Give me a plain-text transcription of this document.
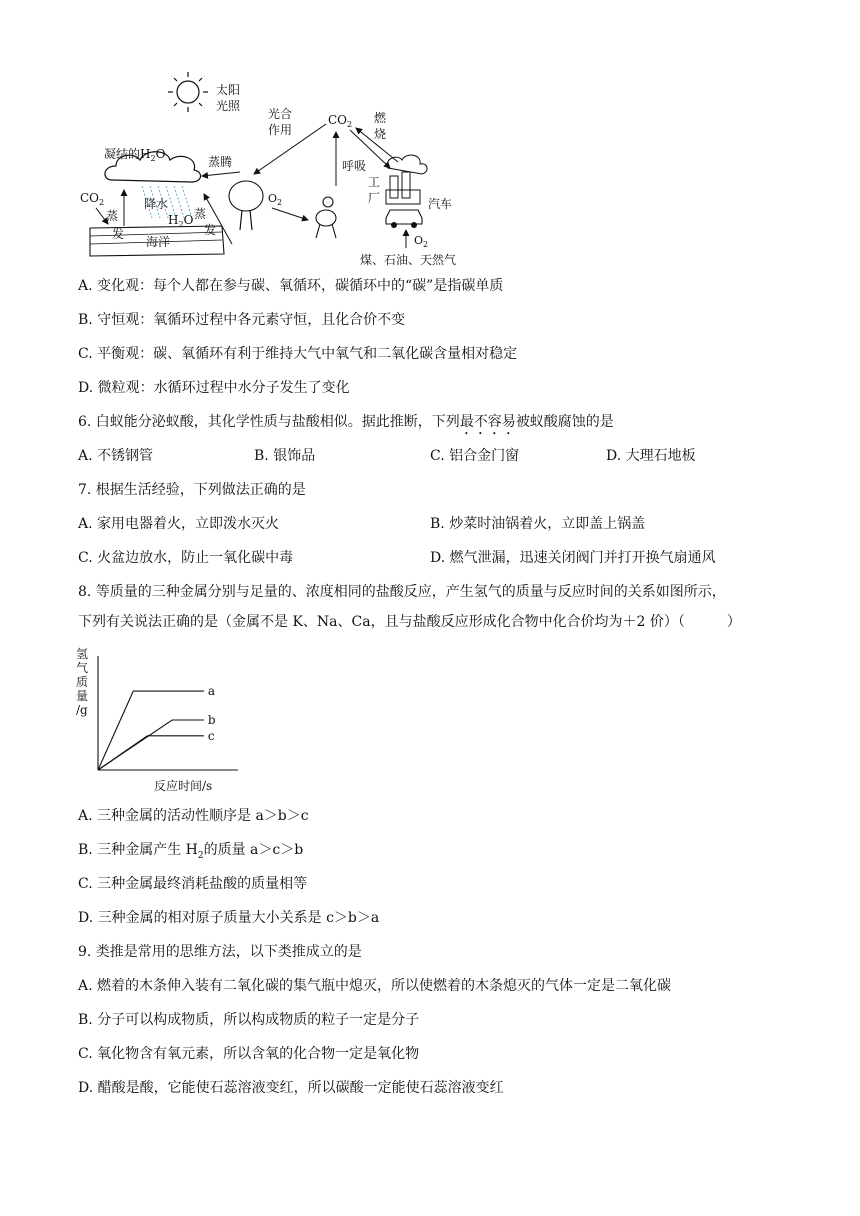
太阳
光照
光合
作用
$CO_2$ 燃
烧
呼吸
凝结的$H_2O$
蒸腾
降水
$H_2O$
$CO_2$
蒸
发
蒸
发
海洋
$O_2$
工
厂	汽车
$O_2$
煤、石油、天然气
A. 变化观：每个人都在参与碳、氧循环，碳循环中的“碳”是指碳单质
B. 守恒观：氧循环过程中各元素守恒，且化合价不变
C. 平衡观：碳、氧循环有利于维持大气中氧气和二氧化碳含量相对稳定
D. 微粒观：水循环过程中水分子发生了变化
6. 白蚁能分泌蚁酸，其化学性质与盐酸相似。据此推断，下列最不容易被蚁酸腐蚀的是
A. 不锈钢管	B. 银饰品	C. 铝合金门窗	D. 大理石地板
7. 根据生活经验，下列做法正确的是
A. 家用电器着火，立即泼水灭火	B. 炒菜时油锅着火，立即盖上锅盖
C. 火盆边放水，防止一氧化碳中毒	D. 燃气泄漏，迅速关闭阀门并打开换气扇通风
8. 等质量的三种金属分别与足量的、浓度相同的盐酸反应，产生氢气的质量与反应时间的关系如图所示，
下列有关说法正确的是（金属不是 K、Na、Ca，且与盐酸反应形成化合物中化合价均为＋2 价）（　　　）
氢
气
质
量
/g
反应时间/s
a
b
c
A. 三种金属的活动性顺序是 a＞b＞c
B. 三种金属产生 $H_2$的质量 a＞c＞b
C. 三种金属最终消耗盐酸的质量相等
D. 三种金属的相对原子质量大小关系是 c＞b＞a
9. 类推是常用的思维方法，以下类推成立的是
A. 燃着的木条伸入装有二氧化碳的集气瓶中熄灭，所以使燃着的木条熄灭的气体一定是二氧化碳
B. 分子可以构成物质，所以构成物质的粒子一定是分子
C. 氧化物含有氧元素，所以含氧的化合物一定是氧化物
D. 醋酸是酸，它能使石蕊溶液变红，所以碳酸一定能使石蕊溶液变红
